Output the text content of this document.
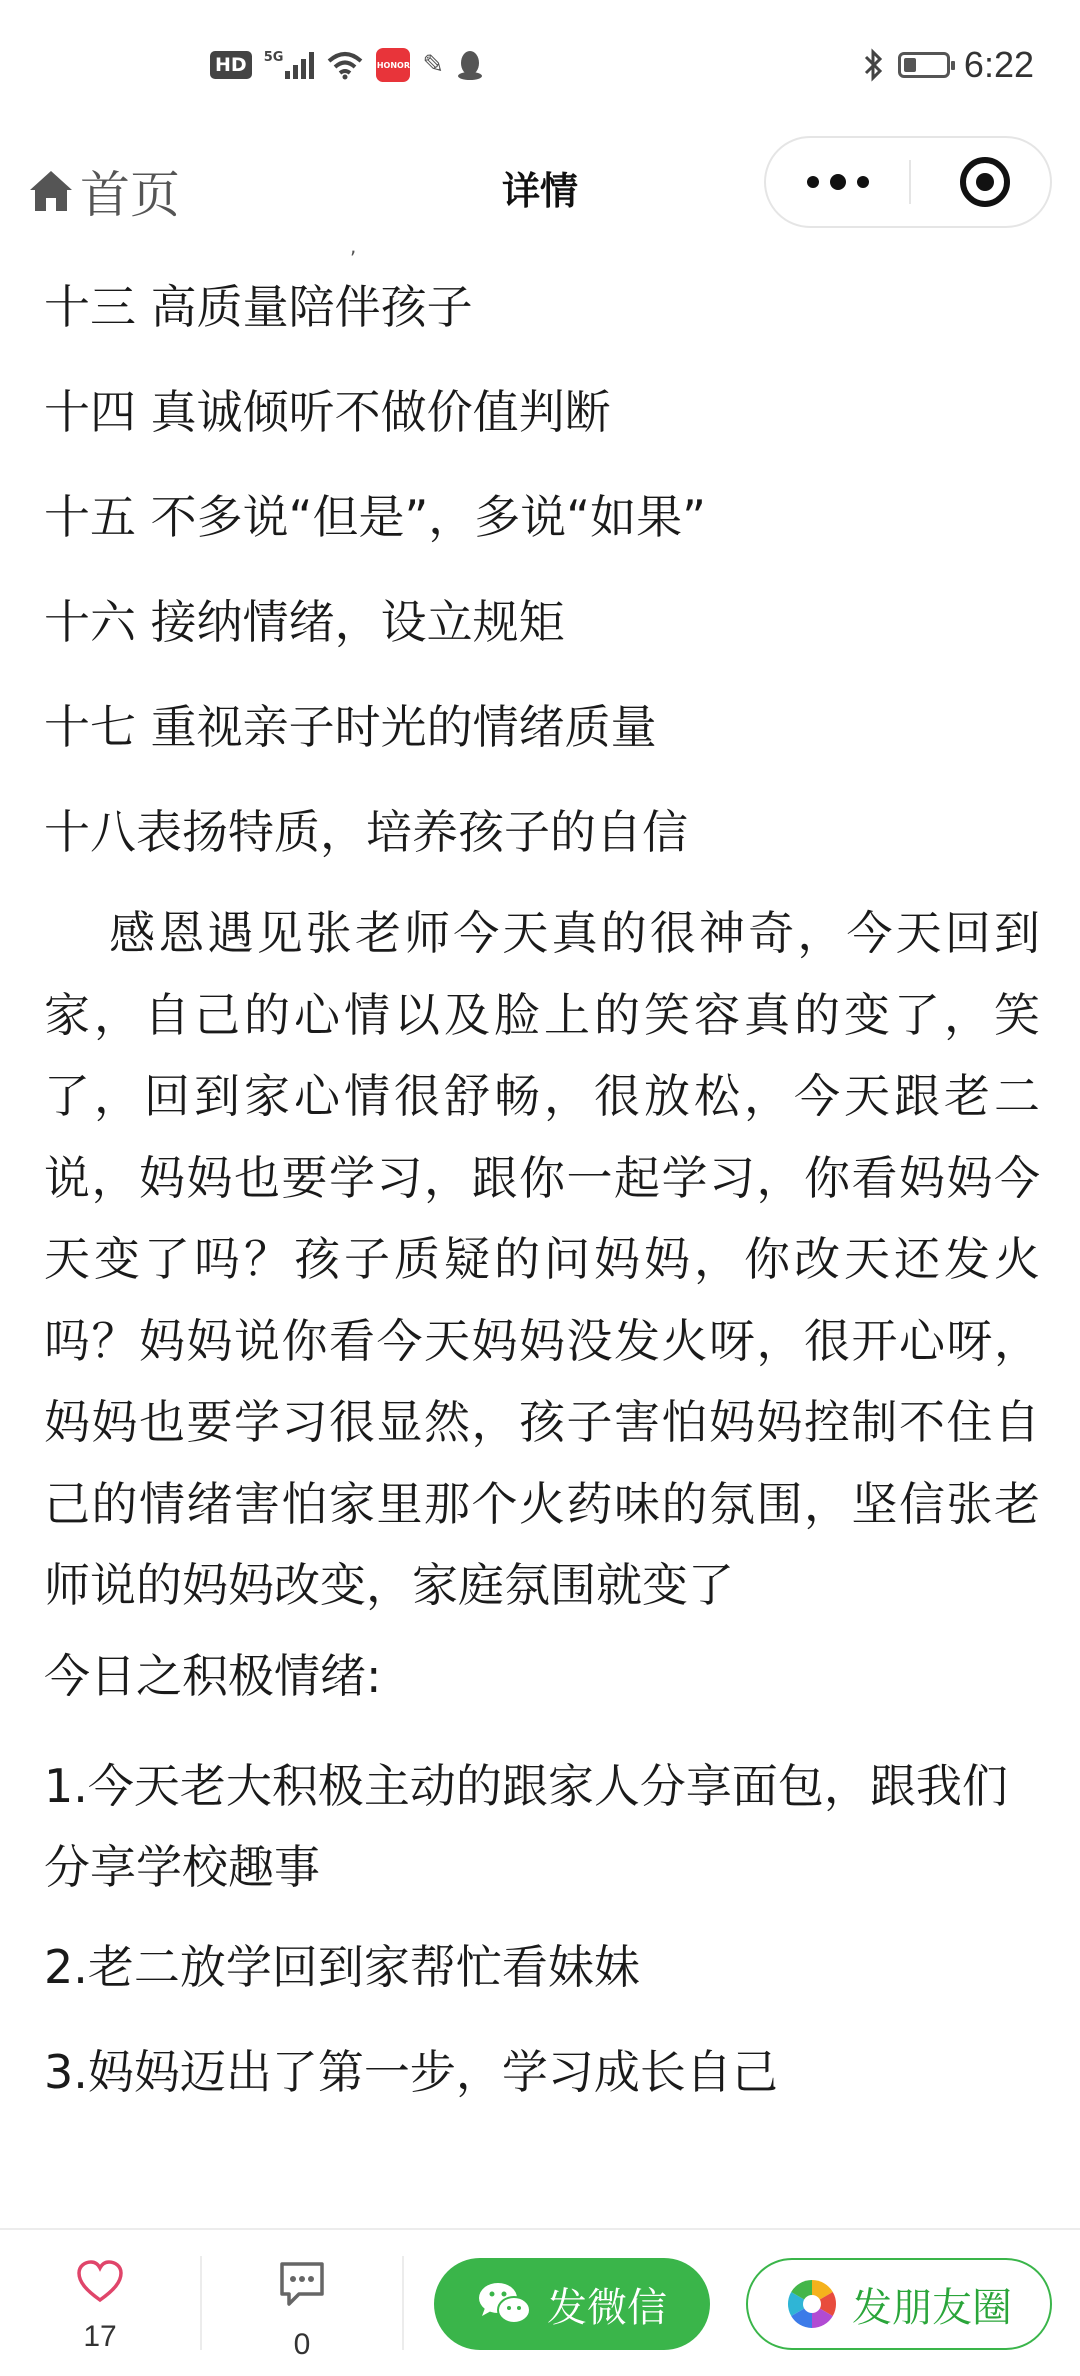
HD	5G	HONOR ✎	6:22
首页	详情
,
十三 高质量陪伴孩子
十四 真诚倾听不做价值判断
十五 不多说“但是”，多说“如果”
十六 接纳情绪，设立规矩
十七 重视亲子时光的情绪质量
十八表扬特质，培养孩子的自信
感恩遇见张老师今天真的很神奇，今天回到家，自己的心情以及脸上的笑容真的变了，笑了，回到家心情很舒畅，很放松，今天跟老二说，妈妈也要学习，跟你一起学习，你看妈妈今天变了吗？孩子质疑的问妈妈，你改天还发火吗？妈妈说你看今天妈妈没发火呀，很开心呀，妈妈也要学习很显然，孩子害怕妈妈控制不住自己的情绪害怕家里那个火药味的氛围，坚信张老师说的妈妈改变，家庭氛围就变了
今日之积极情绪:
1.今天老大积极主动的跟家人分享面包，跟我们分享学校趣事
2.老二放学回到家帮忙看妹妹
3.妈妈迈出了第一步，学习成长自己
17	0
发微信	发朋友圈
